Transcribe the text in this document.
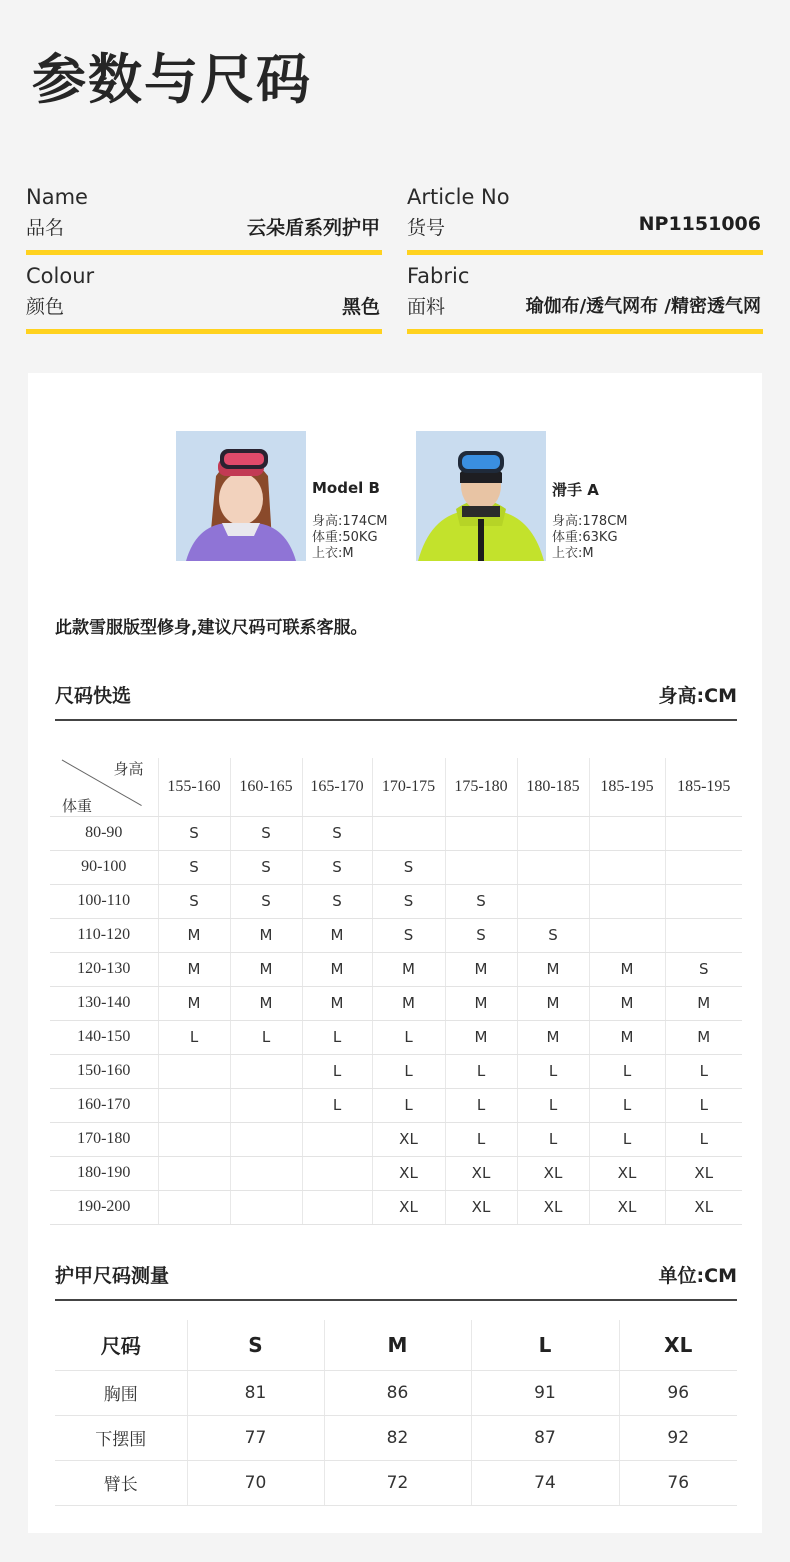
参数与尺码
Name
品名	云朵盾系列护甲
Article No
货号	NP1151006
Colour
颜色	黑色
Fabric
面料	瑜伽布/透气网布 /精密透气网
Model B
身高:174CM
体重:50KG
上衣:M
滑手 A
身高:178CM
体重:63KG
上衣:M
此款雪服版型修身,建议尺码可联系客服。
尺码快选	身高:CM
身高
体重	155-160	160-165	165-170	170-175	175-180	180-185	185-195	185-195
80-90	S	S	S					
90-100	S	S	S	S				
100-110	S	S	S	S	S			
110-120	M	M	M	S	S	S		
120-130	M	M	M	M	M	M	M	S
130-140	M	M	M	M	M	M	M	M
140-150	L	L	L	L	M	M	M	M
150-160			L	L	L	L	L	L
160-170			L	L	L	L	L	L
170-180				XL	L	L	L	L
180-190				XL	XL	XL	XL	XL
190-200				XL	XL	XL	XL	XL
护甲尺码测量	单位:CM
尺码	S	M	L	XL
胸围	81	86	91	96
下摆围	77	82	87	92
臂长	70	72	74	76
